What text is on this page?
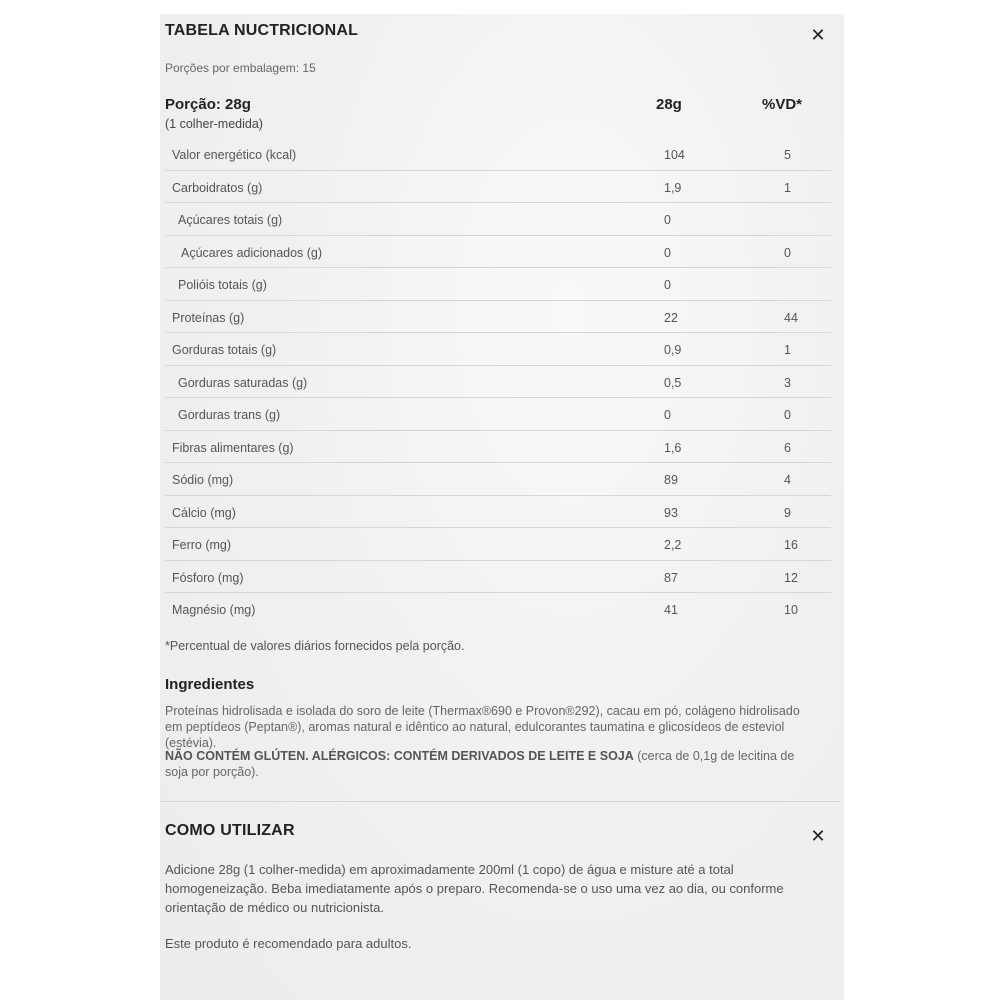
TABELA NUCTRICIONAL	✕
Porções por embalagem: 15
Porção: 28g
(1 colher-medida)
28g	%VD*
Valor energético (kcal)	104	5
Carboidratos (g)	1,9	1
Açúcares totais (g)	0
Açúcares adicionados (g)	0	0
Polióis totais (g)	0
Proteínas (g)	22	44
Gorduras totais (g)	0,9	1
Gorduras saturadas (g)	0,5	3
Gorduras trans (g)	0	0
Fibras alimentares (g)	1,6	6
Sódio (mg)	89	4
Cálcio (mg)	93	9
Ferro (mg)	2,2	16
Fósforo (mg)	87	12
Magnésio (mg)	41	10
*Percentual de valores diários fornecidos pela porção.
Ingredientes
Proteínas hidrolisada e isolada do soro de leite (Thermax®690 e Provon®292), cacau em pó, colágeno hidrolisado em peptídeos (Peptan®), aromas natural e idêntico ao natural, edulcorantes taumatina e glicosídeos de esteviol (estévia).
NÃO CONTÉM GLÚTEN. ALÉRGICOS: CONTÉM DERIVADOS DE LEITE E SOJA (cerca de 0,1g de lecitina de soja por porção).
COMO UTILIZAR	✕
Adicione 28g (1 colher-medida) em aproximadamente 200ml (1 copo) de água e misture até a total homogeneização. Beba imediatamente após o preparo. Recomenda-se o uso uma vez ao dia, ou conforme orientação de médico ou nutricionista.
Este produto é recomendado para adultos.
